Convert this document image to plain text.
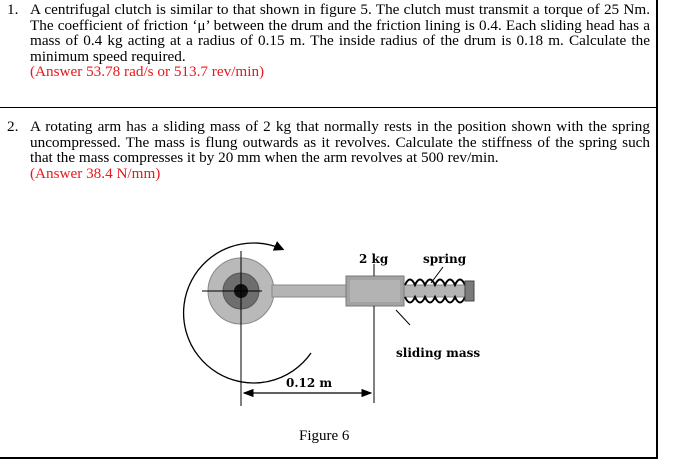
1. A centrifugal clutch is similar to that shown in figure 5. The clutch must transmit a torque of 25 Nm. The coefficient of friction ‘μ’ between the drum and the friction lining is 0.4. Each sliding head has a mass of 0.4 kg acting at a radius of 0.15 m. The inside radius of the drum is 0.18 m. Calculate the minimum speed required.
(Answer 53.78 rad/s or 513.7 rev/min)
2. A rotating arm has a sliding mass of 2 kg that normally rests in the position shown with the spring uncompressed. The mass is flung outwards as it revolves. Calculate the stiffness of the spring such that the mass compresses it by 20 mm when the arm revolves at 500 rev/min.
(Answer 38.4 N/mm)
2 kg	spring
sliding mass
0.12 m
Figure 6
